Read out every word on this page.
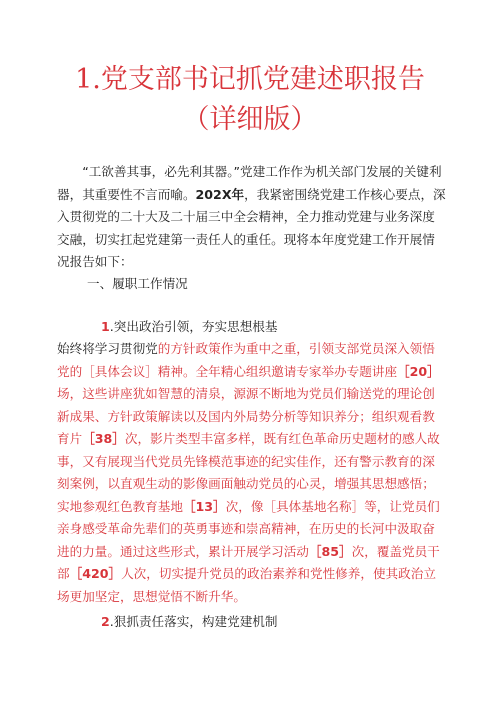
1.党支部书记抓党建述职报告
（详细版）

“工欲善其事，必先利其器。”党建工作作为机关部门发展的关键利器，其重要性不言而喻。202X年，我紧密围绕党建工作核心要点，深入贯彻党的二十大及二十届三中全会精神，全力推动党建与业务深度交融，切实扛起党建第一责任人的重任。现将本年度党建工作开展情况报告如下：

一、履职工作情况

1.突出政治引领，夯实思想根基

始终将学习贯彻党的方针政策作为重中之重，引领支部党员深入领悟党的［具体会议］精神。全年精心组织邀请专家举办专题讲座［20］场，这些讲座犹如智慧的清泉，源源不断地为党员们输送党的理论创新成果、方针政策解读以及国内外局势分析等知识养分；组织观看教育片［38］次，影片类型丰富多样，既有红色革命历史题材的感人故事，又有展现当代党员先锋模范事迹的纪实佳作，还有警示教育的深刻案例，以直观生动的影像画面触动党员的心灵，增强其思想感悟；实地参观红色教育基地［13］次，像［具体基地名称］等，让党员们亲身感受革命先辈们的英勇事迹和崇高精神，在历史的长河中汲取奋进的力量。通过这些形式，累计开展学习活动［85］次，覆盖党员干部［420］人次，切实提升党员的政治素养和党性修养，使其政治立场更加坚定，思想觉悟不断升华。

2.狠抓责任落实，构建党建机制
